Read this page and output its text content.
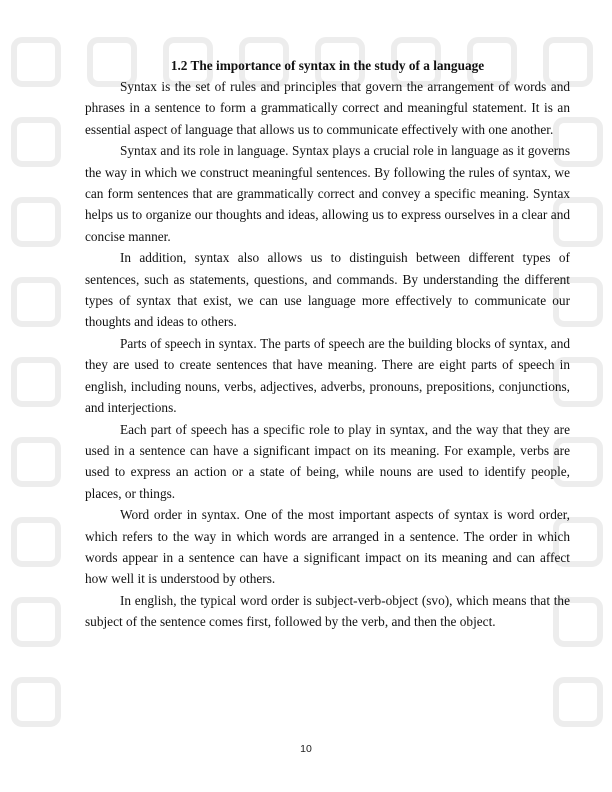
1.2 The importance of syntax in the study of a language

Syntax is the set of rules and principles that govern the arrangement of words and phrases in a sentence to form a grammatically correct and meaningful statement. It is an essential aspect of language that allows us to communicate effectively with one another.

Syntax and its role in language. Syntax plays a crucial role in language as it governs the way in which we construct meaningful sentences. By following the rules of syntax, we can form sentences that are grammatically correct and convey a specific meaning. Syntax helps us to organize our thoughts and ideas, allowing us to express ourselves in a clear and concise manner.

In addition, syntax also allows us to distinguish between different types of sentences, such as statements, questions, and commands. By understanding the different types of syntax that exist, we can use language more effectively to communicate our thoughts and ideas to others.

Parts of speech in syntax. The parts of speech are the building blocks of syntax, and they are used to create sentences that have meaning. There are eight parts of speech in english, including nouns, verbs, adjectives, adverbs, pronouns, prepositions, conjunctions, and interjections.

Each part of speech has a specific role to play in syntax, and the way that they are used in a sentence can have a significant impact on its meaning. For example, verbs are used to express an action or a state of being, while nouns are used to identify people, places, or things.

Word order in syntax. One of the most important aspects of syntax is word order, which refers to the way in which words are arranged in a sentence. The order in which words appear in a sentence can have a significant impact on its meaning and can affect how well it is understood by others.

In english, the typical word order is subject-verb-object (svo), which means that the subject of the sentence comes first, followed by the verb, and then the object.

10
